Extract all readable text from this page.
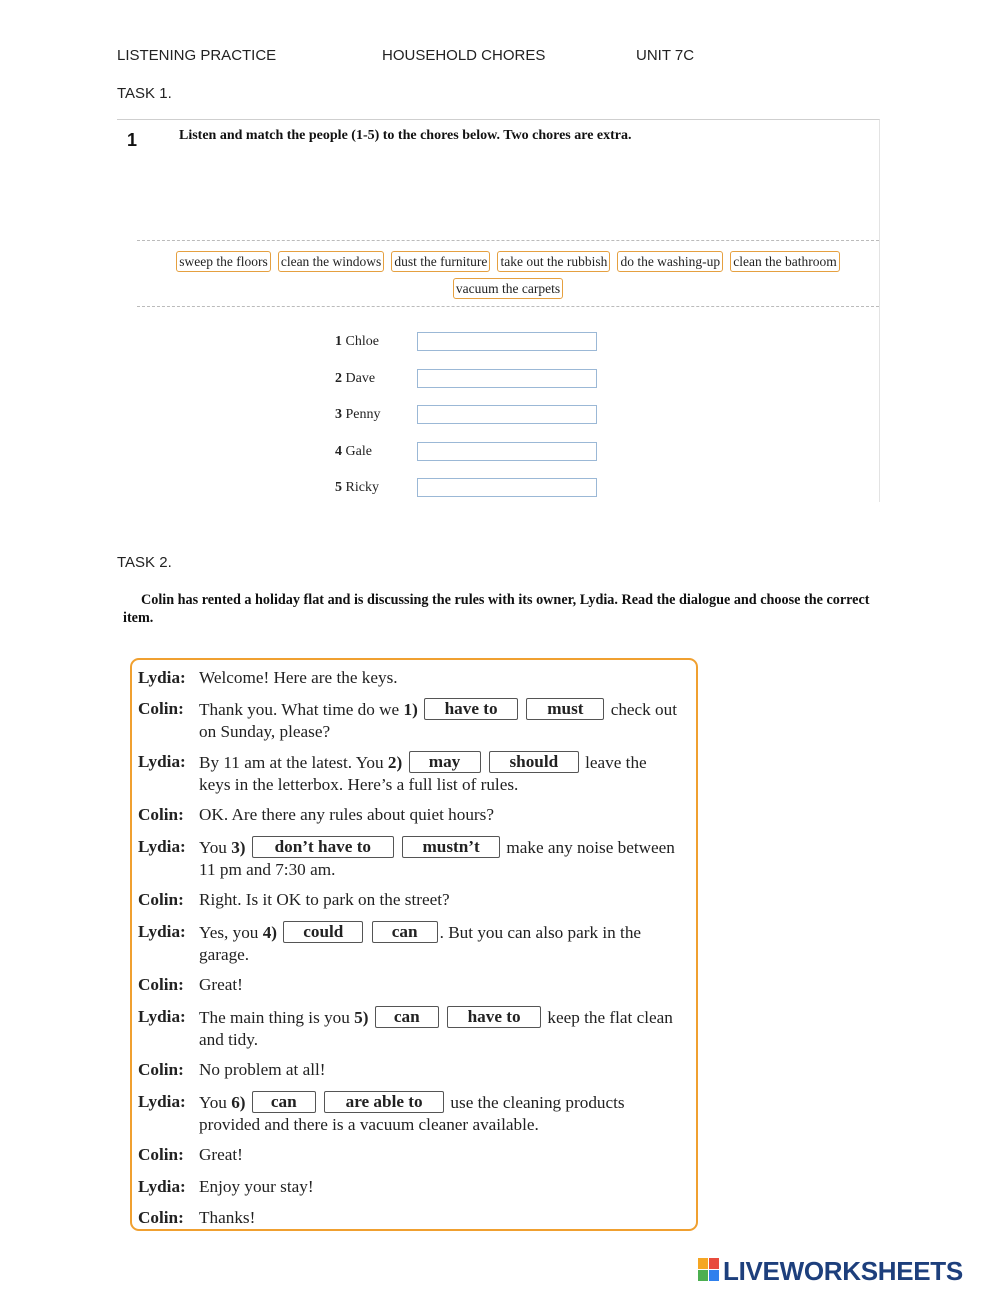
LISTENING PRACTICE	HOUSEHOLD CHORES	UNIT 7C
TASK 1.
1	Listen and match the people (1-5) to the chores below. Two chores are extra.
sweep the floors clean the windows dust the furniture take out the rubbish do the washing-up clean the bathroom
vacuum the carpets
1 Chloe
2 Dave
3 Penny
4 Gale
5 Ricky
TASK 2.
Colin has rented a holiday flat and is discussing the rules with its owner, Lydia. Read the dialogue and choose the correct item.
Lydia: Welcome! Here are the keys.
Colin: Thank you. What time do we 1) have to	must check out
on Sunday, please?
Lydia: By 11 am at the latest. You 2) may	should leave the
keys in the letterbox. Here’s a full list of rules.
Colin: OK. Are there any rules about quiet hours?
Lydia: You 3) don’t have to	mustn’t make any noise between
11 pm and 7:30 am.
Colin: Right. Is it OK to park on the street?
Lydia: Yes, you 4) could	can . But you can also park in the
garage.
Colin: Great!
Lydia: The main thing is you 5) can	have to keep the flat clean
and tidy.
Colin: No problem at all!
Lydia: You 6) can	are able to use the cleaning products
provided and there is a vacuum cleaner available.
Colin: Great!
Lydia: Enjoy your stay!
Colin: Thanks!
LIVEWORKSHEETS
